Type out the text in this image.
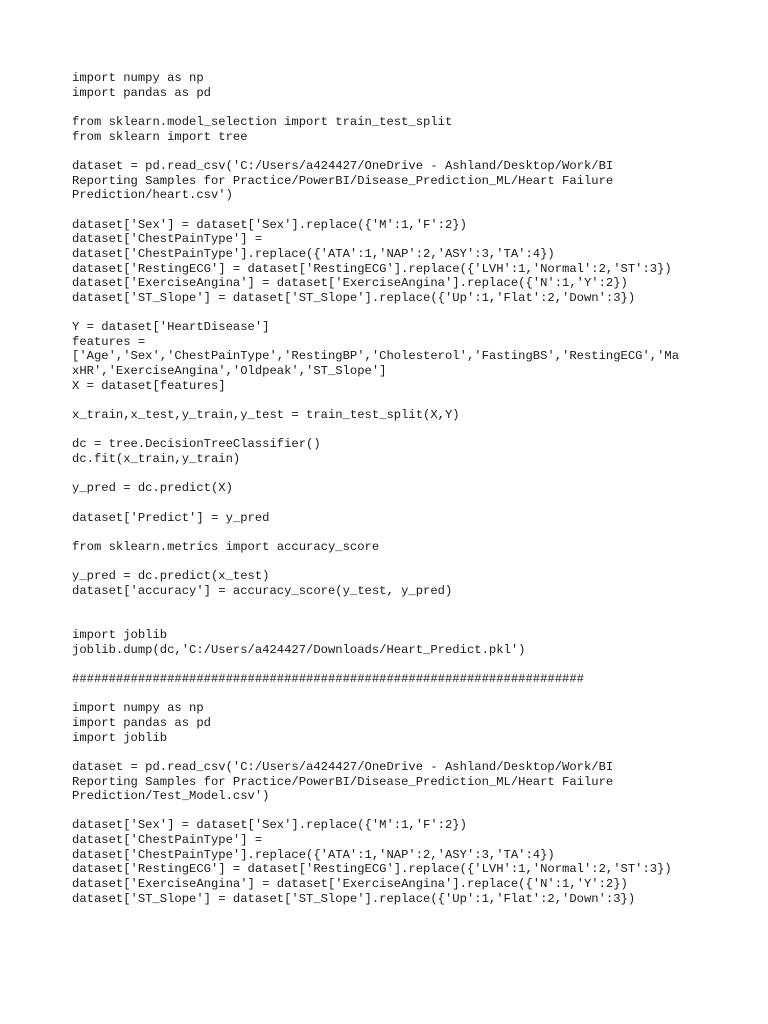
import numpy as np
import pandas as pd
from sklearn.model_selection import train_test_split
from sklearn import tree
dataset = pd.read_csv('C:/Users/a424427/OneDrive - Ashland/Desktop/Work/BI
Reporting Samples for Practice/PowerBI/Disease_Prediction_ML/Heart Failure
Prediction/heart.csv')
dataset['Sex'] = dataset['Sex'].replace({'M':1,'F':2})
dataset['ChestPainType'] =
dataset['ChestPainType'].replace({'ATA':1,'NAP':2,'ASY':3,'TA':4})
dataset['RestingECG'] = dataset['RestingECG'].replace({'LVH':1,'Normal':2,'ST':3})
dataset['ExerciseAngina'] = dataset['ExerciseAngina'].replace({'N':1,'Y':2})
dataset['ST_Slope'] = dataset['ST_Slope'].replace({'Up':1,'Flat':2,'Down':3})
Y = dataset['HeartDisease']
features =
['Age','Sex','ChestPainType','RestingBP','Cholesterol','FastingBS','RestingECG','Ma
xHR','ExerciseAngina','Oldpeak','ST_Slope']
X = dataset[features]
x_train,x_test,y_train,y_test = train_test_split(X,Y)
dc = tree.DecisionTreeClassifier()
dc.fit(x_train,y_train)
y_pred = dc.predict(X)
dataset['Predict'] = y_pred
from sklearn.metrics import accuracy_score
y_pred = dc.predict(x_test)
dataset['accuracy'] = accuracy_score(y_test, y_pred)
import joblib
joblib.dump(dc,'C:/Users/a424427/Downloads/Heart_Predict.pkl')
######################################################################
import numpy as np
import pandas as pd
import joblib
dataset = pd.read_csv('C:/Users/a424427/OneDrive - Ashland/Desktop/Work/BI
Reporting Samples for Practice/PowerBI/Disease_Prediction_ML/Heart Failure
Prediction/Test_Model.csv')
dataset['Sex'] = dataset['Sex'].replace({'M':1,'F':2})
dataset['ChestPainType'] =
dataset['ChestPainType'].replace({'ATA':1,'NAP':2,'ASY':3,'TA':4})
dataset['RestingECG'] = dataset['RestingECG'].replace({'LVH':1,'Normal':2,'ST':3})
dataset['ExerciseAngina'] = dataset['ExerciseAngina'].replace({'N':1,'Y':2})
dataset['ST_Slope'] = dataset['ST_Slope'].replace({'Up':1,'Flat':2,'Down':3})
